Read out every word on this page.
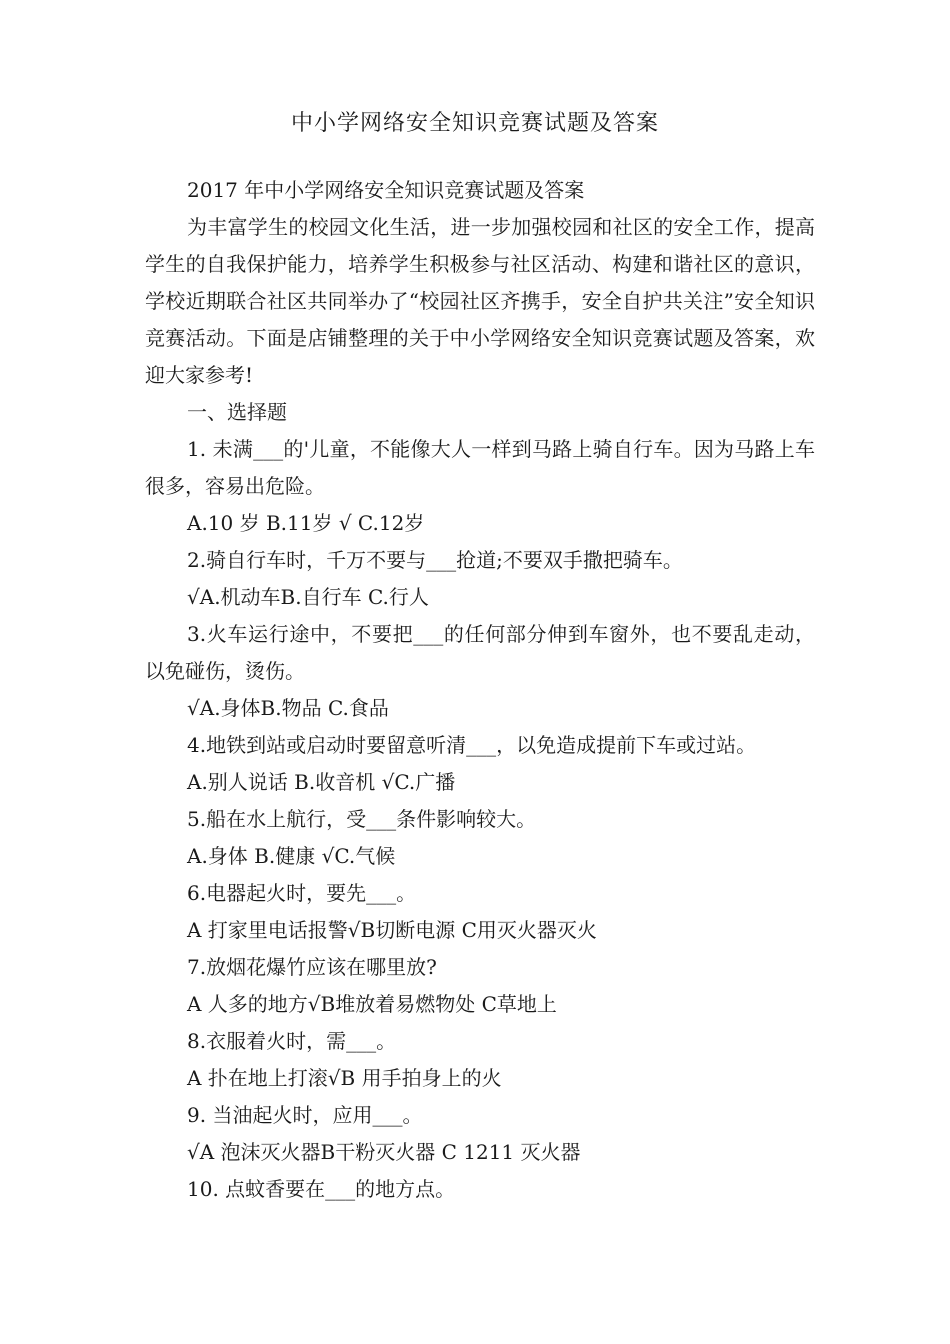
中小学网络安全知识竞赛试题及答案

2017 年中小学网络安全知识竞赛试题及答案

为丰富学生的校园文化生活，进一步加强校园和社区的安全工作，提高学生的自我保护能力，培养学生积极参与社区活动、构建和谐社区的意识，学校近期联合社区共同举办了“校园社区齐携手，安全自护共关注”安全知识竞赛活动。下面是店铺整理的关于中小学网络安全知识竞赛试题及答案，欢迎大家参考!

一、选择题

1. 未满___的'儿童，不能像大人一样到马路上骑自行车。因为马路上车很多，容易出危险。

A.10 岁 B.11岁 √ C.12岁

2.骑自行车时，千万不要与___抢道;不要双手撒把骑车。

√A.机动车B.自行车 C.行人

3.火车运行途中，不要把___的任何部分伸到车窗外，也不要乱走动，以免碰伤，烫伤。

√A.身体B.物品 C.食品

4.地铁到站或启动时要留意听清___，以免造成提前下车或过站。

A.别人说话 B.收音机 √C.广播

5.船在水上航行，受___条件影响较大。

A.身体 B.健康 √C.气候

6.电器起火时，要先___。

A 打家里电话报警√B切断电源 C用灭火器灭火

7.放烟花爆竹应该在哪里放?

A 人多的地方√B堆放着易燃物处 C草地上

8.衣服着火时，需___。

A 扑在地上打滚√B 用手拍身上的火

9. 当油起火时，应用___。

√A 泡沫灭火器B干粉灭火器 C 1211 灭火器

10. 点蚊香要在___的地方点。
